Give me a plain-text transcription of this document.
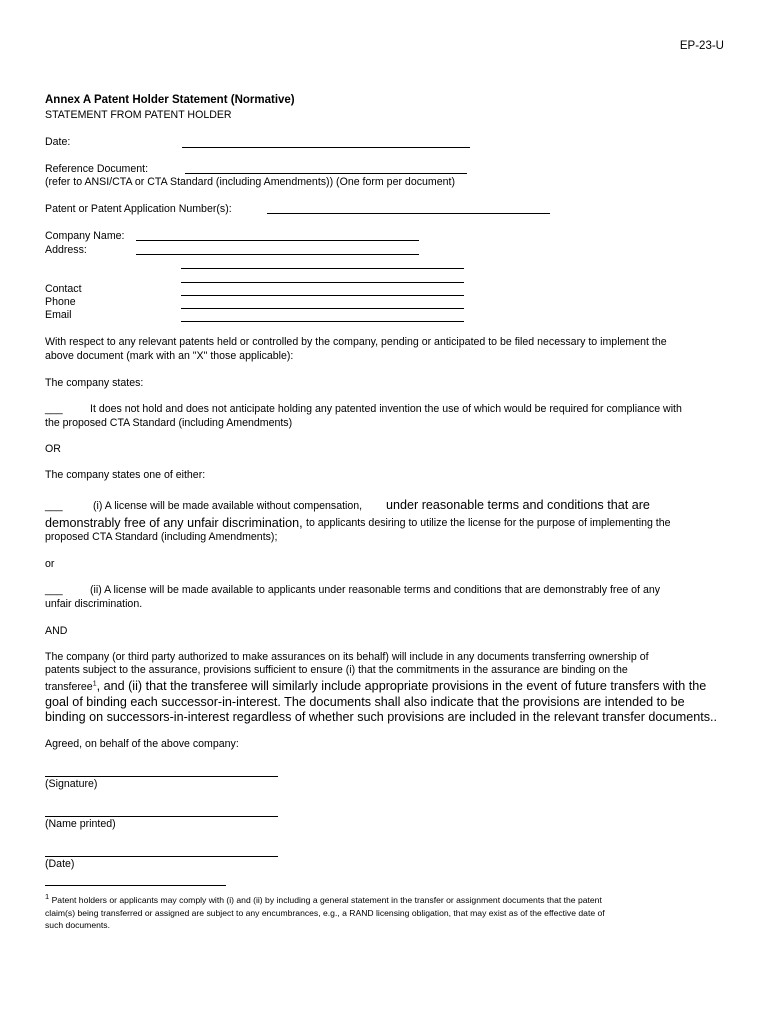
EP-23-U
Annex A Patent Holder Statement (Normative)
STATEMENT FROM PATENT HOLDER
Date:
Reference Document:
(refer to ANSI/CTA or CTA Standard (including Amendments)) (One form per document)
Patent or Patent Application Number(s):
Company Name:
Address:
Contact
Phone
Email
With respect to any relevant patents held or controlled by the company, pending or anticipated to be filed necessary to implement the
above document (mark with an "X" those applicable):
The company states:
___	It does not hold and does not anticipate holding any patented invention the use of which would be required for compliance with
the proposed CTA Standard (including Amendments)
OR
The company states one of either:
___	(i) A license will be made available without compensation, under reasonable terms and conditions that are
demonstrably free of any unfair discrimination, to applicants desiring to utilize the license for the purpose of implementing the
proposed CTA Standard (including Amendments);
or
___	(ii) A license will be made available to applicants under reasonable terms and conditions that are demonstrably free of any
unfair discrimination.
AND
The company (or third party authorized to make assurances on its behalf) will include in any documents transferring ownership of
patents subject to the assurance, provisions sufficient to ensure (i) that the commitments in the assurance are binding on the
transferee$^1$, and (ii) that the transferee will similarly include appropriate provisions in the event of future transfers with the
goal of binding each successor-in-interest. The documents shall also indicate that the provisions are intended to be
binding on successors-in-interest regardless of whether such provisions are included in the relevant transfer documents..
Agreed, on behalf of the above company:
(Signature)
(Name printed)
(Date)
1 Patent holders or applicants may comply with (i) and (ii) by including a general statement in the transfer or assignment documents that the patent
claim(s) being transferred or assigned are subject to any encumbrances, e.g., a RAND licensing obligation, that may exist as of the effective date of
such documents.
